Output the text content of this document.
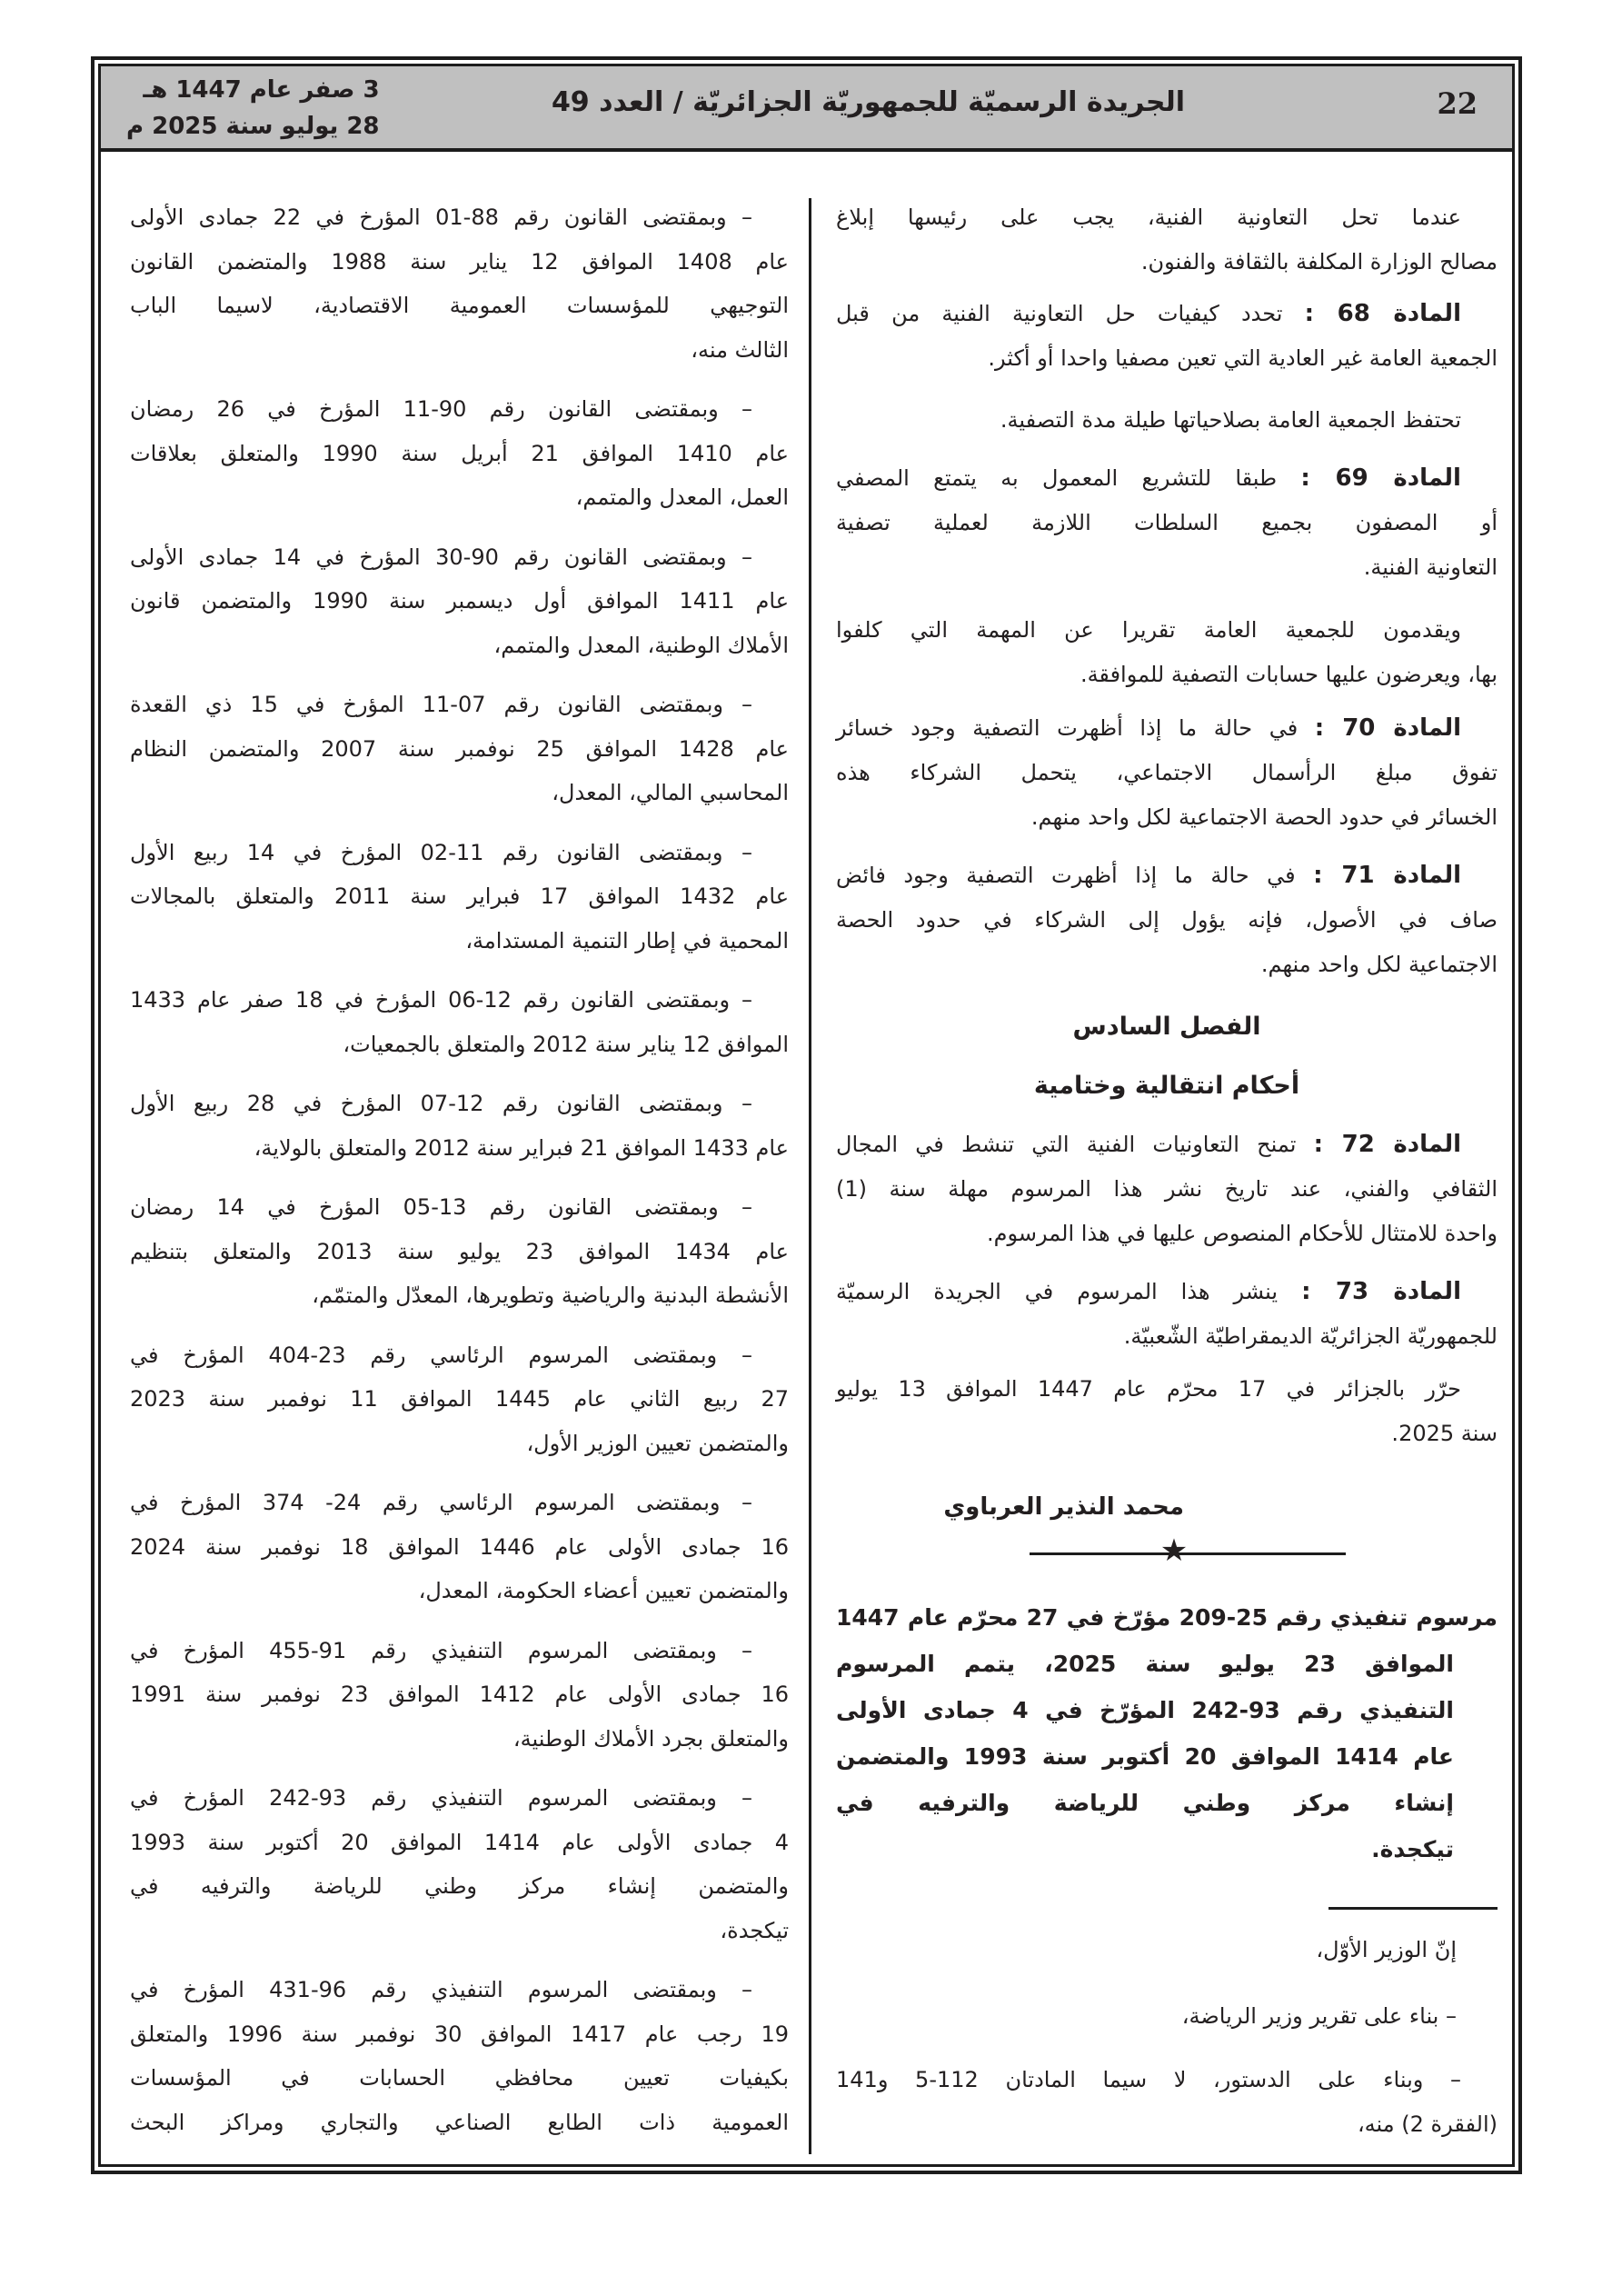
22
الجريدة الرسميّة للجمهوريّة الجزائريّة / العدد 49
3 صفر عام 1447 هـ
28 يوليو سنة 2025 م
عندما تحل التعاونية الفنية، يجب على رئيسها إبلاغ
مصالح الوزارة المكلفة بالثقافة والفنون.
المادة 68 : تحدد كيفيات حل التعاونية الفنية من قبل
الجمعية العامة غير العادية التي تعين مصفيا واحدا أو أكثر.
تحتفظ الجمعية العامة بصلاحياتها طيلة مدة التصفية.
المادة 69 : طبقا للتشريع المعمول به يتمتع المصفي
أو المصفون بجميع السلطات اللازمة لعملية تصفية
التعاونية الفنية.
ويقدمون للجمعية العامة تقريرا عن المهمة التي كلفوا
بها، ويعرضون عليها حسابات التصفية للموافقة.
المادة 70 : في حالة ما إذا أظهرت التصفية وجود خسائر
تفوق مبلغ الرأسمال الاجتماعي، يتحمل الشركاء هذه
الخسائر في حدود الحصة الاجتماعية لكل واحد منهم.
المادة 71 : في حالة ما إذا أظهرت التصفية وجود فائض
صاف في الأصول، فإنه يؤول إلى الشركاء في حدود الحصة
الاجتماعية لكل واحد منهم.
الفصل السادس
أحكام انتقالية وختامية
المادة 72 : تمنح التعاونيات الفنية التي تنشط في المجال
الثقافي والفني، عند تاريخ نشر هذا المرسوم مهلة سنة (1)
واحدة للامتثال للأحكام المنصوص عليها في هذا المرسوم.
المادة 73 : ينشر هذا المرسوم في الجريدة الرسميّة
للجمهوريّة الجزائريّة الديمقراطيّة الشّعبيّة.
حرّر بالجزائر في 17 محرّم عام 1447 الموافق 13 يوليو
سنة 2025.
محمد النذير العرباوي
★
مرسوم تنفيذي رقم 25-209 مؤرّخ في 27 محرّم عام 1447
الموافق 23 يوليو سنة 2025، يتمم المرسوم
التنفيذي رقم 93-242 المؤرّخ في 4 جمادى الأولى
عام 1414 الموافق 20 أكتوبر سنة 1993 والمتضمن
إنشاء مركز وطني للرياضة والترفيه في
تيكجدة.
إنّ الوزير الأوّل،
– بناء على تقرير وزير الرياضة،
– وبناء على الدستور، لا سيما المادتان 112-5 و141
(الفقرة 2) منه،
– وبمقتضى القانون رقم 88-01 المؤرخ في 22 جمادى الأولى
عام 1408 الموافق 12 يناير سنة 1988 والمتضمن القانون
التوجيهي للمؤسسات العمومية الاقتصادية، لاسيما الباب
الثالث منه،
– وبمقتضى القانون رقم 90-11 المؤرخ في 26 رمضان
عام 1410 الموافق 21 أبريل سنة 1990 والمتعلق بعلاقات
العمل، المعدل والمتمم،
– وبمقتضى القانون رقم 90-30 المؤرخ في 14 جمادى الأولى
عام 1411 الموافق أول ديسمبر سنة 1990 والمتضمن قانون
الأملاك الوطنية، المعدل والمتمم،
– وبمقتضى القانون رقم 07-11 المؤرخ في 15 ذي القعدة
عام 1428 الموافق 25 نوفمبر سنة 2007 والمتضمن النظام
المحاسبي المالي، المعدل،
– وبمقتضى القانون رقم 11-02 المؤرخ في 14 ربيع الأول
عام 1432 الموافق 17 فبراير سنة 2011 والمتعلق بالمجالات
المحمية في إطار التنمية المستدامة،
– وبمقتضى القانون رقم 12-06 المؤرخ في 18 صفر عام 1433
الموافق 12 يناير سنة 2012 والمتعلق بالجمعيات،
– وبمقتضى القانون رقم 12-07 المؤرخ في 28 ربيع الأول
عام 1433 الموافق 21 فبراير سنة 2012 والمتعلق بالولاية،
– وبمقتضى القانون رقم 13-05 المؤرخ في 14 رمضان
عام 1434 الموافق 23 يوليو سنة 2013 والمتعلق بتنظيم
الأنشطة البدنية والرياضية وتطويرها، المعدّل والمتمّم،
– وبمقتضى المرسوم الرئاسي رقم 23-404 المؤرخ في
27 ربيع الثاني عام 1445 الموافق 11 نوفمبر سنة 2023
والمتضمن تعيين الوزير الأول،
– وبمقتضى المرسوم الرئاسي رقم 24- 374 المؤرخ في
16 جمادى الأولى عام 1446 الموافق 18 نوفمبر سنة 2024
والمتضمن تعيين أعضاء الحكومة، المعدل،
– وبمقتضى المرسوم التنفيذي رقم 91-455 المؤرخ في
16 جمادى الأولى عام 1412 الموافق 23 نوفمبر سنة 1991
والمتعلق بجرد الأملاك الوطنية،
– وبمقتضى المرسوم التنفيذي رقم 93-242 المؤرخ في
4 جمادى الأولى عام 1414 الموافق 20 أكتوبر سنة 1993
والمتضمن إنشاء مركز وطني للرياضة والترفيه في
تيكجدة،
– وبمقتضى المرسوم التنفيذي رقم 96-431 المؤرخ في
19 رجب عام 1417 الموافق 30 نوفمبر سنة 1996 والمتعلق
بكيفيات تعيين محافظي الحسابات في المؤسسات
العمومية ذات الطابع الصناعي والتجاري ومراكز البحث
